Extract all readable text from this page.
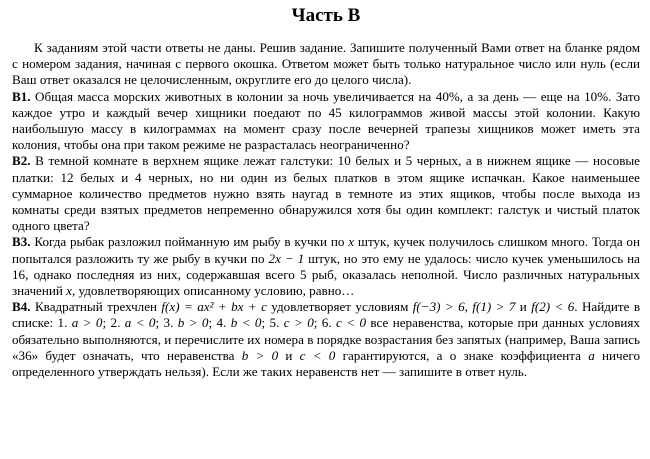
Часть В

К заданиям этой части ответы не даны. Решив задание. Запишите полученный Вами ответ на бланке рядом с номером задания, начиная с первого окошка. Ответом может быть только натуральное число или нуль (если Ваш ответ оказался не целочисленным, округлите его до целого числа).

В1. Общая масса морских животных в колонии за ночь увеличивается на 40%, а за день — еще на 10%. Зато каждое утро и каждый вечер хищники поедают по 45 килограммов живой массы этой колонии. Какую наибольшую массу в килограммах на момент сразу после вечерней трапезы хищников может иметь эта колония, чтобы она при таком режиме не разрасталась неограниченно?

В2. В темной комнате в верхнем ящике лежат галстуки: 10 белых и 5 черных, а в нижнем ящике — носовые платки: 12 белых и 4 черных, но ни один из белых платков в этом ящике испачкан. Какое наименьшее суммарное количество предметов нужно взять наугад в темноте из этих ящиков, чтобы после выхода из комнаты среди взятых предметов непременно обнаружился хотя бы один комплект: галстук и чистый платок одного цвета?

В3. Когда рыбак разложил пойманную им рыбу в кучки по x штук, кучек получилось слишком много. Тогда он попытался разложить ту же рыбу в кучки по 2x − 1 штук, но это ему не удалось: число кучек уменьшилось на 16, однако последняя из них, содержавшая всего 5 рыб, оказалась неполной. Число различных натуральных значений x, удовлетворяющих описанному условию, равно…

В4. Квадратный трехчлен f(x) = ax² + bx + c удовлетворяет условиям f(−3) > 6, f(1) > 7 и f(2) < 6. Найдите в списке: 1. a > 0; 2. a < 0; 3. b > 0; 4. b < 0; 5. c > 0; 6. c < 0 все неравенства, которые при данных условиях обязательно выполняются, и перечислите их номера в порядке возрастания без запятых (например, Ваша запись «36» будет означать, что неравенства b > 0 и c < 0 гарантируются, а о знаке коэффициента a ничего определенного утверждать нельзя). Если же таких неравенств нет — запишите в ответ нуль.
